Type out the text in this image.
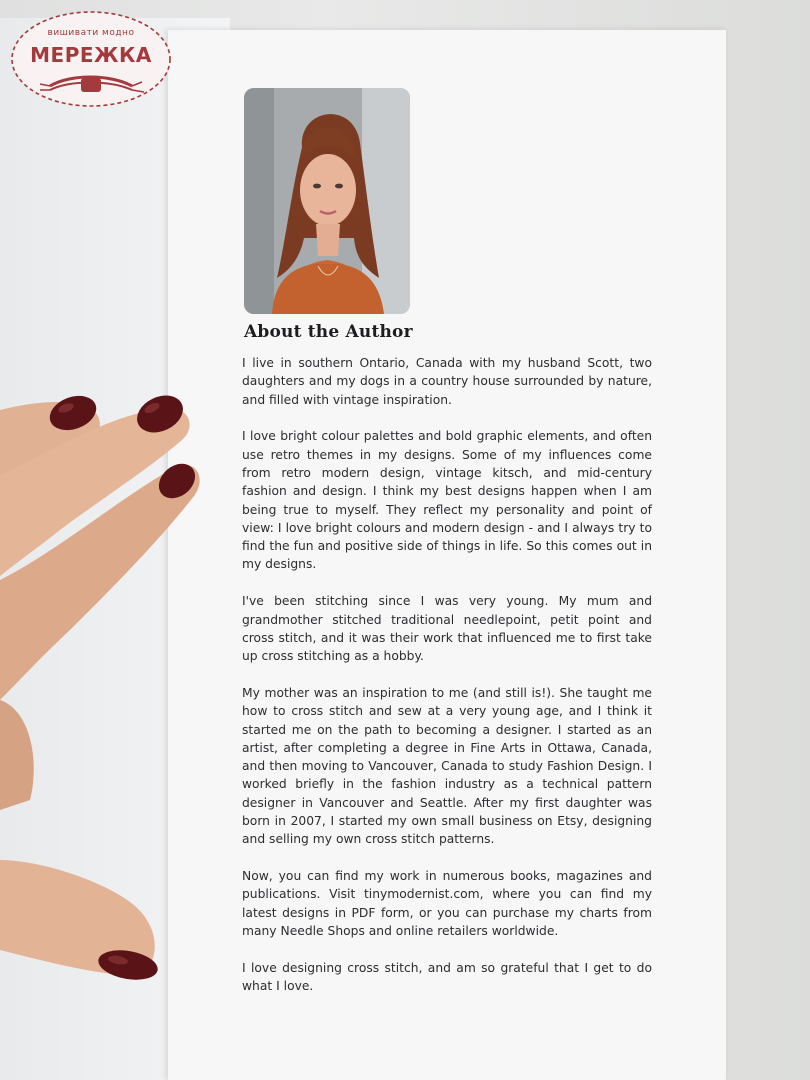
About the Author

I live in southern Ontario, Canada with my husband Scott, two daughters and my dogs in a country house surrounded by nature, and filled with vintage inspiration.

I love bright colour palettes and bold graphic elements, and often use retro themes in my designs. Some of my influences come from retro modern design, vintage kitsch, and mid-century fashion and design. I think my best designs happen when I am being true to myself. They reflect my personality and point of view: I love bright colours and modern design - and I always try to find the fun and positive side of things in life. So this comes out in my designs.

I've been stitching since I was very young. My mum and grandmother stitched traditional needlepoint, petit point and cross stitch, and it was their work that influenced me to first take up cross stitching as a hobby.

My mother was an inspiration to me (and still is!). She taught me how to cross stitch and sew at a very young age, and I think it started me on the path to becoming a designer. I started as an artist, after completing a degree in Fine Arts in Ottawa, Canada, and then moving to Vancouver, Canada to study Fashion Design. I worked briefly in the fashion industry as a technical pattern designer in Vancouver and Seattle. After my first daughter was born in 2007, I started my own small business on Etsy, designing and selling my own cross stitch patterns.

Now, you can find my work in numerous books, magazines and publications. Visit tinymodernist.com, where you can find my latest designs in PDF form, or you can purchase my charts from many Needle Shops and online retailers worldwide.

I love designing cross stitch, and am so grateful that I get to do what I love.

вишивати модно
МЕРЕЖКА
